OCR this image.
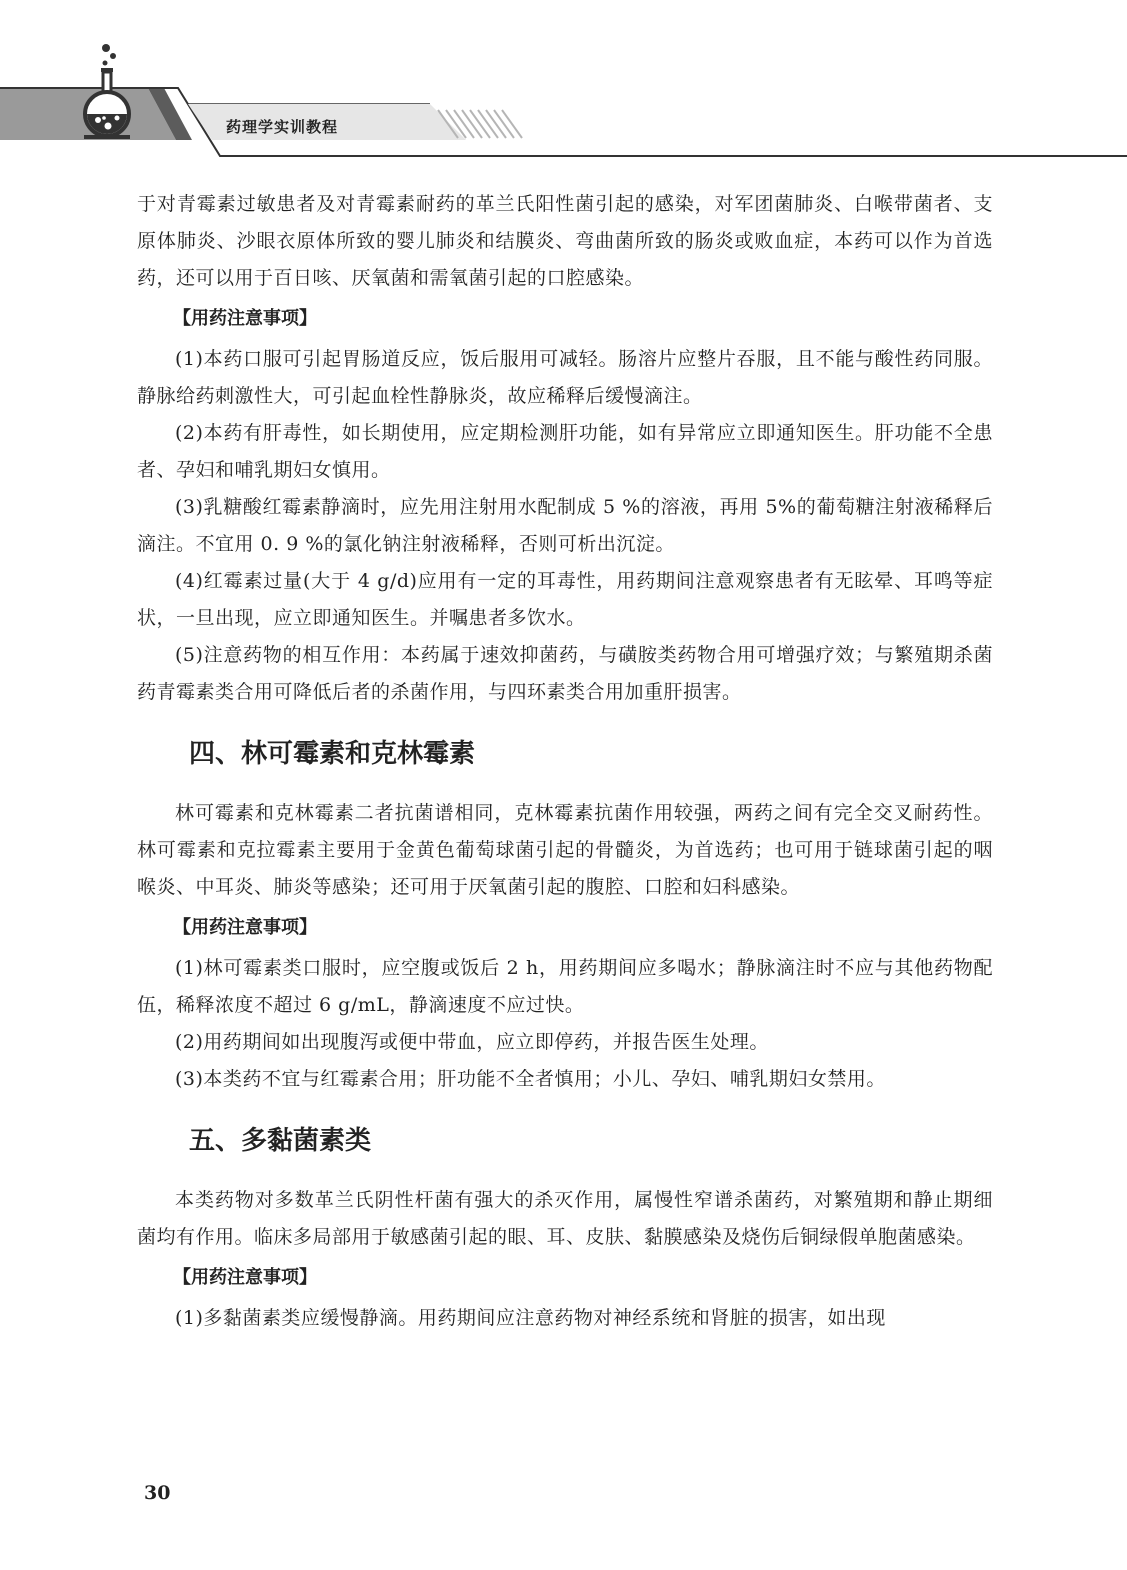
药理学实训教程

于对青霉素过敏患者及对青霉素耐药的革兰氏阳性菌引起的感染，对军团菌肺炎、白喉带菌者、支原体肺炎、沙眼衣原体所致的婴儿肺炎和结膜炎、弯曲菌所致的肠炎或败血症，本药可以作为首选药，还可以用于百日咳、厌氧菌和需氧菌引起的口腔感染。

【用药注意事项】

(1)本药口服可引起胃肠道反应，饭后服用可减轻。肠溶片应整片吞服，且不能与酸性药同服。静脉给药刺激性大，可引起血栓性静脉炎，故应稀释后缓慢滴注。

(2)本药有肝毒性，如长期使用，应定期检测肝功能，如有异常应立即通知医生。肝功能不全患者、孕妇和哺乳期妇女慎用。

(3)乳糖酸红霉素静滴时，应先用注射用水配制成 5 %的溶液，再用 5%的葡萄糖注射液稀释后滴注。不宜用 0. 9 %的氯化钠注射液稀释，否则可析出沉淀。

(4)红霉素过量(大于 4 g/d)应用有一定的耳毒性，用药期间注意观察患者有无眩晕、耳鸣等症状，一旦出现，应立即通知医生。并嘱患者多饮水。

(5)注意药物的相互作用：本药属于速效抑菌药，与磺胺类药物合用可增强疗效；与繁殖期杀菌药青霉素类合用可降低后者的杀菌作用，与四环素类合用加重肝损害。

四、林可霉素和克林霉素

林可霉素和克林霉素二者抗菌谱相同，克林霉素抗菌作用较强，两药之间有完全交叉耐药性。林可霉素和克拉霉素主要用于金黄色葡萄球菌引起的骨髓炎，为首选药；也可用于链球菌引起的咽喉炎、中耳炎、肺炎等感染；还可用于厌氧菌引起的腹腔、口腔和妇科感染。

【用药注意事项】

(1)林可霉素类口服时，应空腹或饭后 2 h，用药期间应多喝水；静脉滴注时不应与其他药物配伍，稀释浓度不超过 6 g/mL，静滴速度不应过快。

(2)用药期间如出现腹泻或便中带血，应立即停药，并报告医生处理。

(3)本类药不宜与红霉素合用；肝功能不全者慎用；小儿、孕妇、哺乳期妇女禁用。

五、多黏菌素类

本类药物对多数革兰氏阴性杆菌有强大的杀灭作用，属慢性窄谱杀菌药，对繁殖期和静止期细菌均有作用。临床多局部用于敏感菌引起的眼、耳、皮肤、黏膜感染及烧伤后铜绿假单胞菌感染。

【用药注意事项】

(1)多黏菌素类应缓慢静滴。用药期间应注意药物对神经系统和肾脏的损害，如出现

30
